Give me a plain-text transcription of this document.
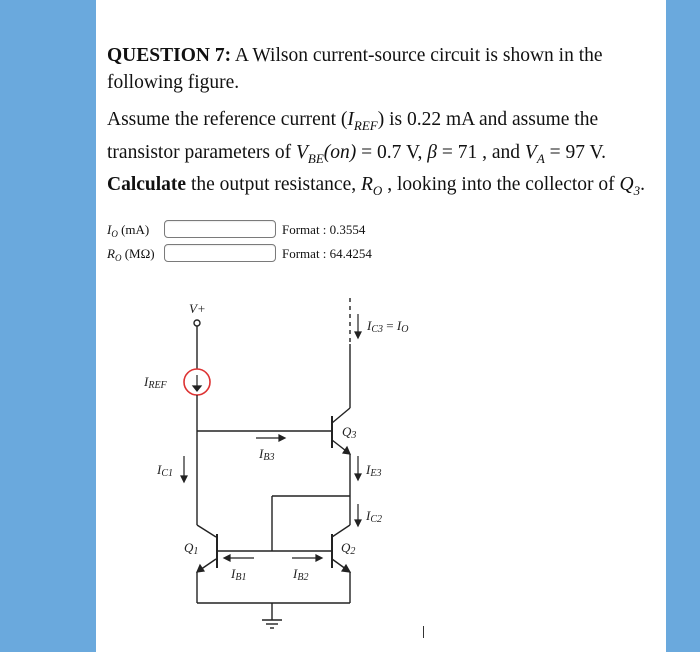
QUESTION 7: A Wilson current-source circuit is shown in the following figure.
Assume the reference current $(I_{REF})$ is 0.22 mA and assume the transistor parameters of $V_{BE}(on) = 0.7$ V, β = 71 , and $V_A = 97$ V.
Calculate the output resistance, $R_O$ , looking into the collector of $Q_3$.
$I_O$ (mA)	Format : 0.3554
$R_O$ (MΩ)	Format : 64.4254
V+
IREF
IC1
IB3
Q3
IE3
IC2
Q1	Q2
IB1	IB2
IC3 = IO
